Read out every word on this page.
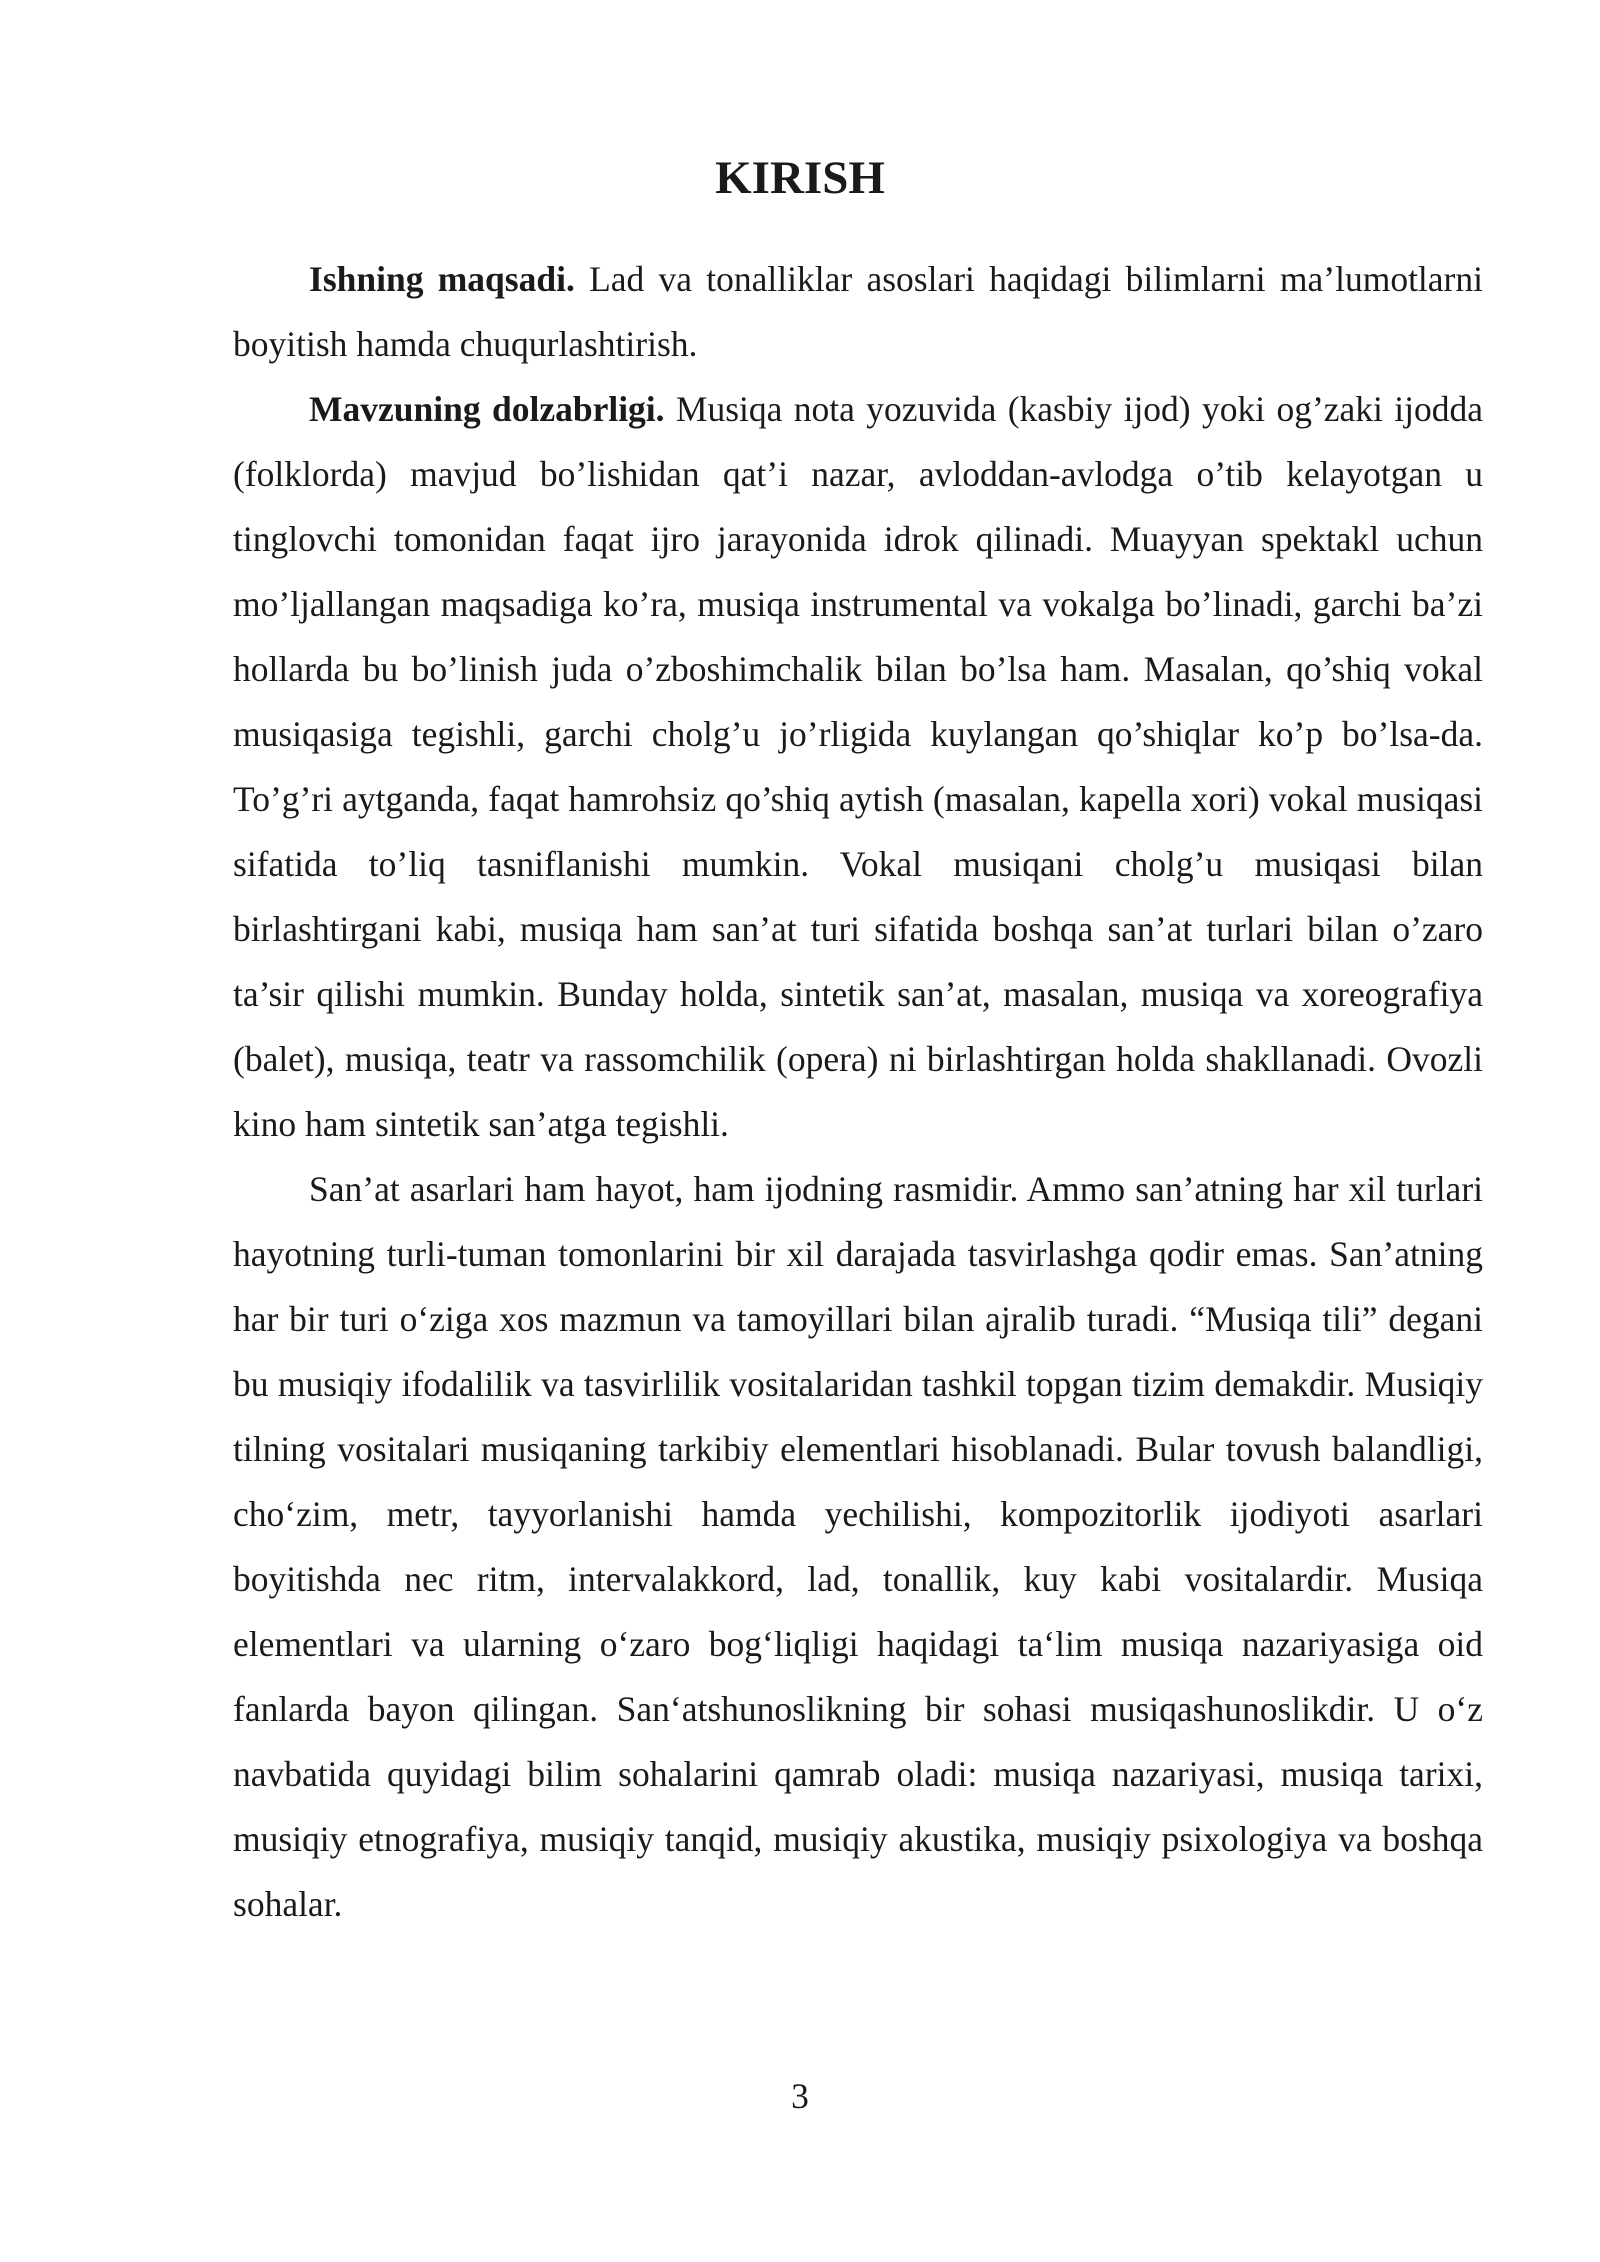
KIRISH

Ishning maqsadi. Lad va tonalliklar asoslari haqidagi bilimlarni ma’lumotlarni boyitish hamda chuqurlashtirish.

Mavzuning dolzabrligi. Musiqa nota yozuvida (kasbiy ijod) yoki og’zaki ijodda (folklorda) mavjud bo’lishidan qat’i nazar, avloddan-avlodga o’tib kelayotgan u tinglovchi tomonidan faqat ijro jarayonida idrok qilinadi. Muayyan spektakl uchun mo’ljallangan maqsadiga ko’ra, musiqa instrumental va vokalga bo’linadi, garchi ba’zi hollarda bu bo’linish juda o’zboshimchalik bilan bo’lsa ham. Masalan, qo’shiq vokal musiqasiga tegishli, garchi cholg’u jo’rligida kuylangan qo’shiqlar ko’p bo’lsa-da. To’g’ri aytganda, faqat hamrohsiz qo’shiq aytish (masalan, kapella xori) vokal musiqasi sifatida to’liq tasniflanishi mumkin. Vokal musiqani cholg’u musiqasi bilan birlashtirgani kabi, musiqa ham san’at turi sifatida boshqa san’at turlari bilan o’zaro ta’sir qilishi mumkin. Bunday holda, sintetik san’at, masalan, musiqa va xoreografiya (balet), musiqa, teatr va rassomchilik (opera) ni birlashtirgan holda shakllanadi. Ovozli kino ham sintetik san’atga tegishli.

San’at asarlari ham hayot, ham ijodning rasmidir. Ammo san’atning har xil turlari hayotning turli-tuman tomonlarini bir xil darajada tasvirlashga qodir emas. San’atning har bir turi o‘ziga xos mazmun va tamoyillari bilan ajralib turadi. “Musiqa tili” degani bu musiqiy ifodalilik va tasvirlilik vositalaridan tashkil topgan tizim demakdir. Musiqiy tilning vositalari musiqaning tarkibiy elementlari hisoblanadi. Bular tovush balandligi, cho‘zim, metr, tayyorlanishi hamda yechilishi, kompozitorlik ijodiyoti asarlari boyitishda nec ritm, intervalakkord, lad, tonallik, kuy kabi vositalardir. Musiqa elementlari va ularning o‘zaro bog‘liqligi haqidagi ta‘lim musiqa nazariyasiga oid fanlarda bayon qilingan. San‘atshunoslikning bir sohasi musiqashunoslikdir. U o‘z navbatida quyidagi bilim sohalarini qamrab oladi: musiqa nazariyasi, musiqa tarixi, musiqiy etnografiya, musiqiy tanqid, musiqiy akustika, musiqiy psixologiya va boshqa sohalar.

3
